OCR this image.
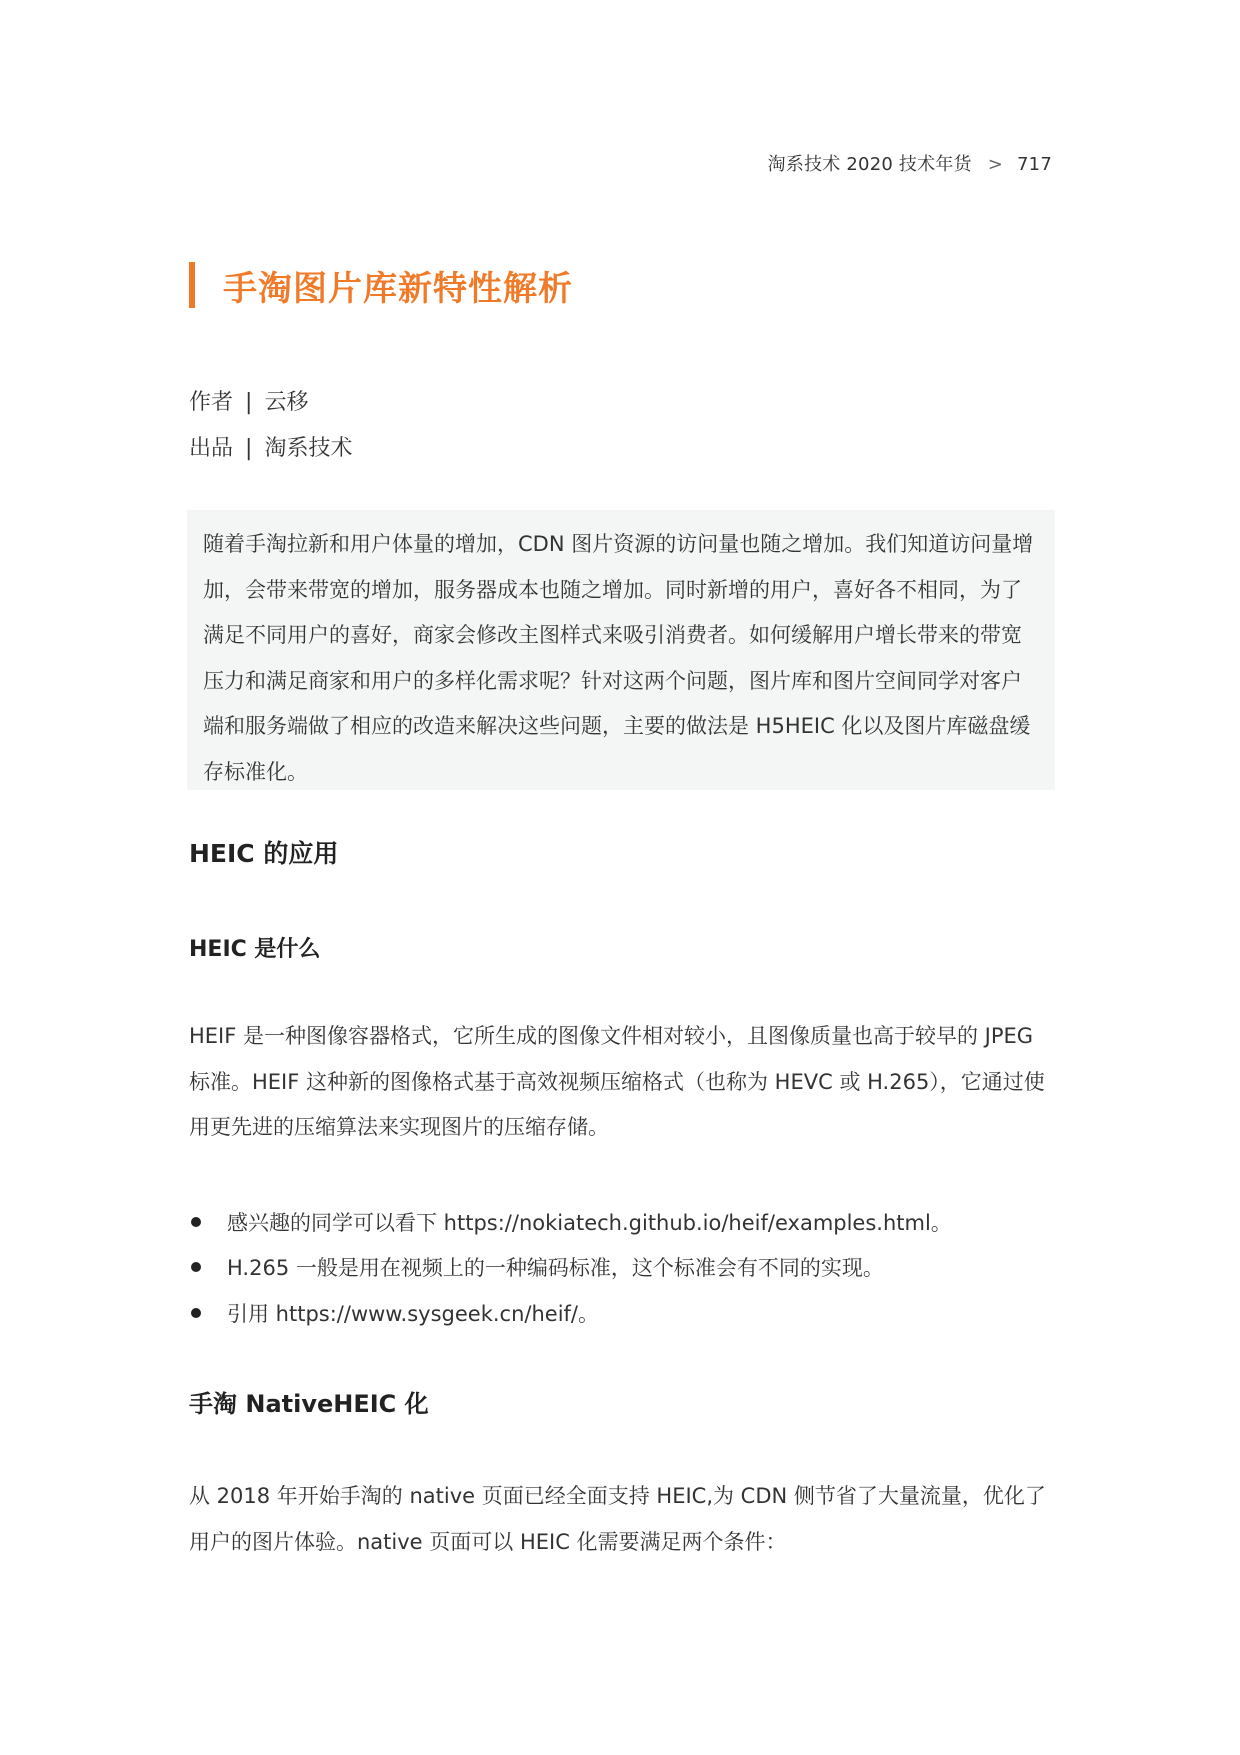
淘系技术 2020 技术年货 > 717
手淘图片库新特性解析
作者 | 云移
出品 | 淘系技术
随着手淘拉新和用户体量的增加，CDN 图片资源的访问量也随之增加。我们知道访问量增加，会带来带宽的增加，服务器成本也随之增加。同时新增的用户，喜好各不相同，为了满足不同用户的喜好，商家会修改主图样式来吸引消费者。如何缓解用户增长带来的带宽压力和满足商家和用户的多样化需求呢？针对这两个问题，图片库和图片空间同学对客户端和服务端做了相应的改造来解决这些问题，主要的做法是 H5HEIC 化以及图片库磁盘缓存标准化。
HEIC 的应用
HEIC 是什么

HEIF 是一种图像容器格式，它所生成的图像文件相对较小，且图像质量也高于较早的 JPEG 标准。HEIF 这种新的图像格式基于高效视频压缩格式（也称为 HEVC 或 H.265），它通过使用更先进的压缩算法来实现图片的压缩存储。

感兴趣的同学可以看下 https://nokiatech.github.io/heif/examples.html。
H.265 一般是用在视频上的一种编码标准，这个标准会有不同的实现。
引用 https://www.sysgeek.cn/heif/。
手淘 NativeHEIC 化

从 2018 年开始手淘的 native 页面已经全面支持 HEIC,为 CDN 侧节省了大量流量，优化了用户的图片体验。native 页面可以 HEIC 化需要满足两个条件：
